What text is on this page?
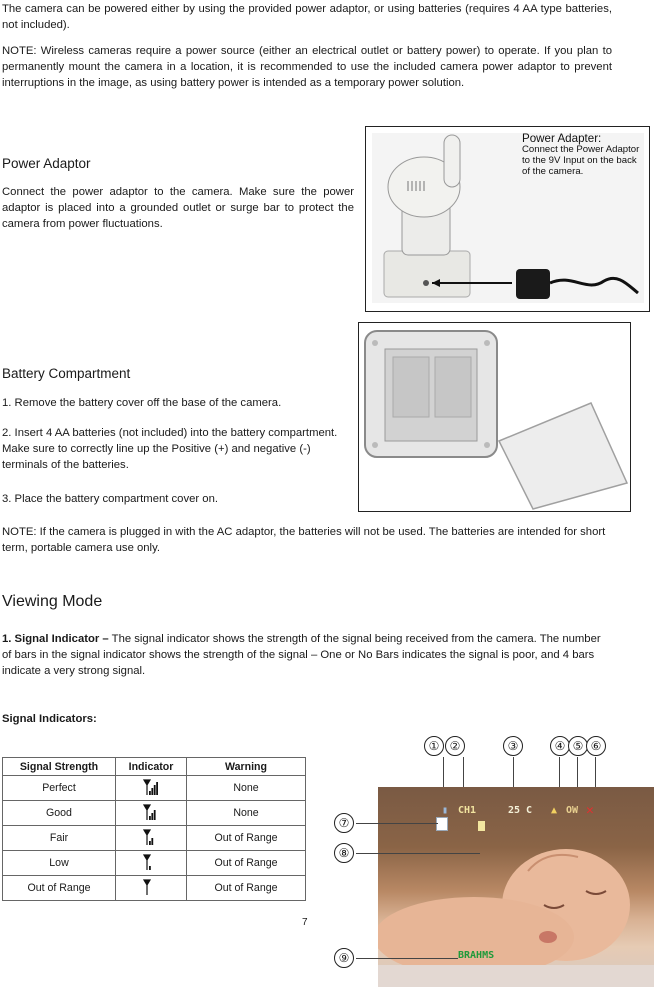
The camera can be powered either by using the provided power adaptor, or using batteries (requires 4 AA type batteries, not included).

NOTE: Wireless cameras require a power source (either an electrical outlet or battery power) to operate. If you plan to permanently mount the camera in a location, it is recommended to use the included camera power adaptor to prevent interruptions in the image, as using battery power is intended as a temporary power solution.

Power Adaptor

Connect the power adaptor to the camera. Make sure the power adaptor is placed into a grounded outlet or surge bar to protect the camera from power fluctuations.

Power Adapter:
Connect the Power Adaptor to the 9V Input on the back of the camera.
Battery Compartment

1. Remove the battery cover off the base of the camera.

2. Insert 4 AA batteries (not included) into the battery compartment. Make sure to correctly line up the Positive (+) and negative (-) terminals of the batteries.

3. Place the battery compartment cover on.

NOTE: If the camera is plugged in with the AC adaptor, the batteries will not be used. The batteries are intended for short term, portable camera use only.

Viewing Mode

1. Signal Indicator – The signal indicator shows the strength of the signal being received from the camera. The number of bars in the signal indicator shows the strength of the signal – One or No Bars indicates the signal is poor, and 4 bars indicate a very strong signal.

Signal Indicators:

Signal Strength	Indicator	Warning
Perfect		None
Good		None
Fair		Out of Range
Low		Out of Range
Out of Range		Out of Range
① ②	③	④ ⑤ ⑥
▮ CH1	25 C ▲ OW ✕
BRAHMS
⑦
⑧
⑨
7
